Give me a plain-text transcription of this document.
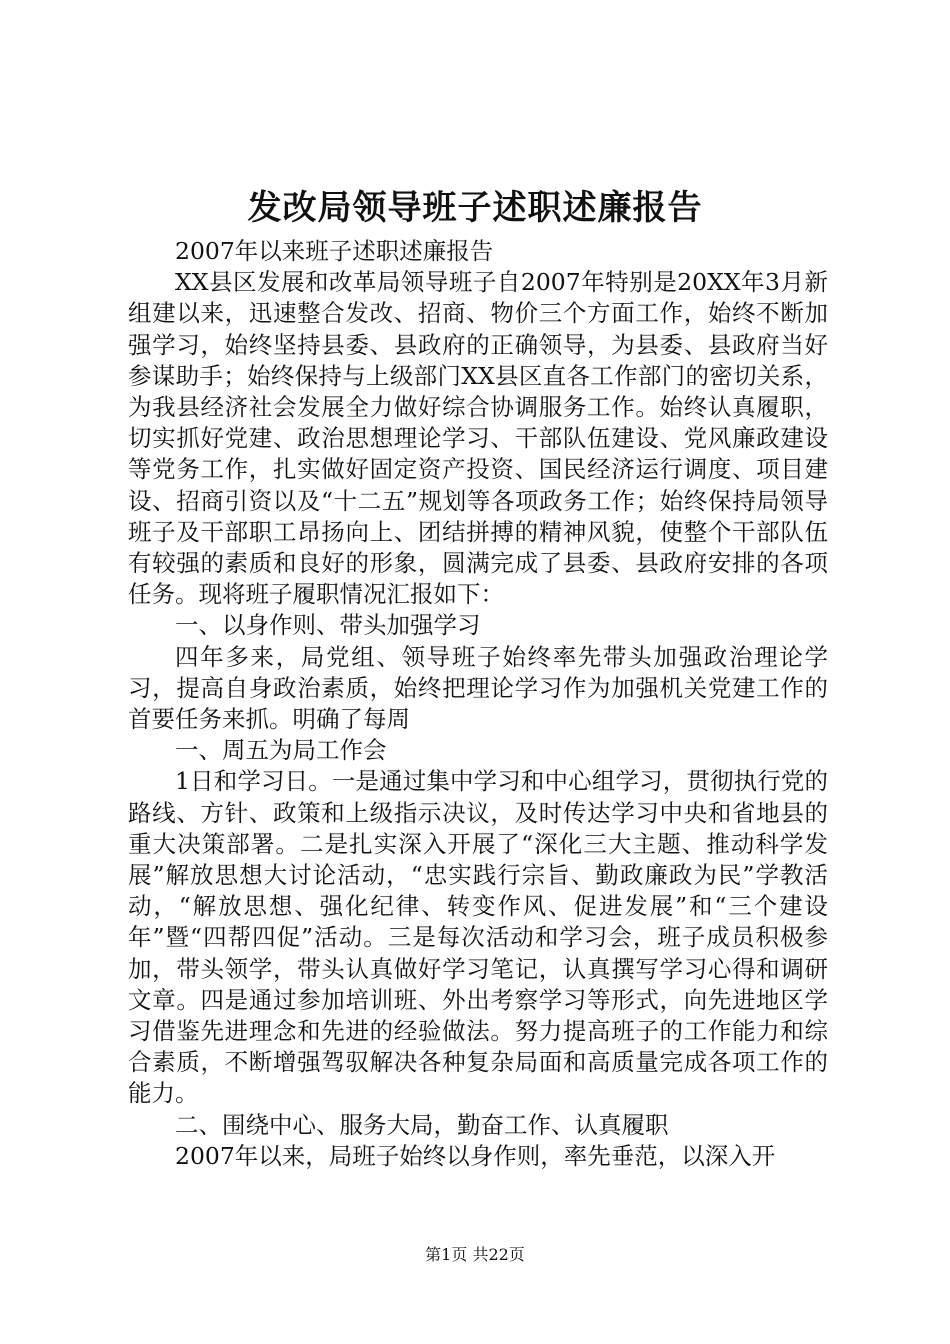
发改局领导班子述职述廉报告

2007年以来班子述职述廉报告

XX县区发展和改革局领导班子自2007年特别是20XX年3月新组建以来，迅速整合发改、招商、物价三个方面工作，始终不断加强学习，始终坚持县委、县政府的正确领导，为县委、县政府当好参谋助手；始终保持与上级部门XX县区直各工作部门的密切关系，为我县经济社会发展全力做好综合协调服务工作。始终认真履职，切实抓好党建、政治思想理论学习、干部队伍建设、党风廉政建设等党务工作，扎实做好固定资产投资、国民经济运行调度、项目建设、招商引资以及“十二五”规划等各项政务工作；始终保持局领导班子及干部职工昂扬向上、团结拼搏的精神风貌，使整个干部队伍有较强的素质和良好的形象，圆满完成了县委、县政府安排的各项任务。现将班子履职情况汇报如下：

一、以身作则、带头加强学习

四年多来，局党组、领导班子始终率先带头加强政治理论学习，提高自身政治素质，始终把理论学习作为加强机关党建工作的首要任务来抓。明确了每周

一、周五为局工作会

1日和学习日。一是通过集中学习和中心组学习，贯彻执行党的路线、方针、政策和上级指示决议，及时传达学习中央和省地县的重大决策部署。二是扎实深入开展了“深化三大主题、推动科学发展”解放思想大讨论活动，“忠实践行宗旨、勤政廉政为民”学教活动，“解放思想、强化纪律、转变作风、促进发展”和“三个建设年”暨“四帮四促”活动。三是每次活动和学习会，班子成员积极参加，带头领学，带头认真做好学习笔记，认真撰写学习心得和调研文章。四是通过参加培训班、外出考察学习等形式，向先进地区学习借鉴先进理念和先进的经验做法。努力提高班子的工作能力和综合素质，不断增强驾驭解决各种复杂局面和高质量完成各项工作的能力。

二、围绕中心、服务大局，勤奋工作、认真履职

2007年以来，局班子始终以身作则，率先垂范，以深入开

第1页 共22页
